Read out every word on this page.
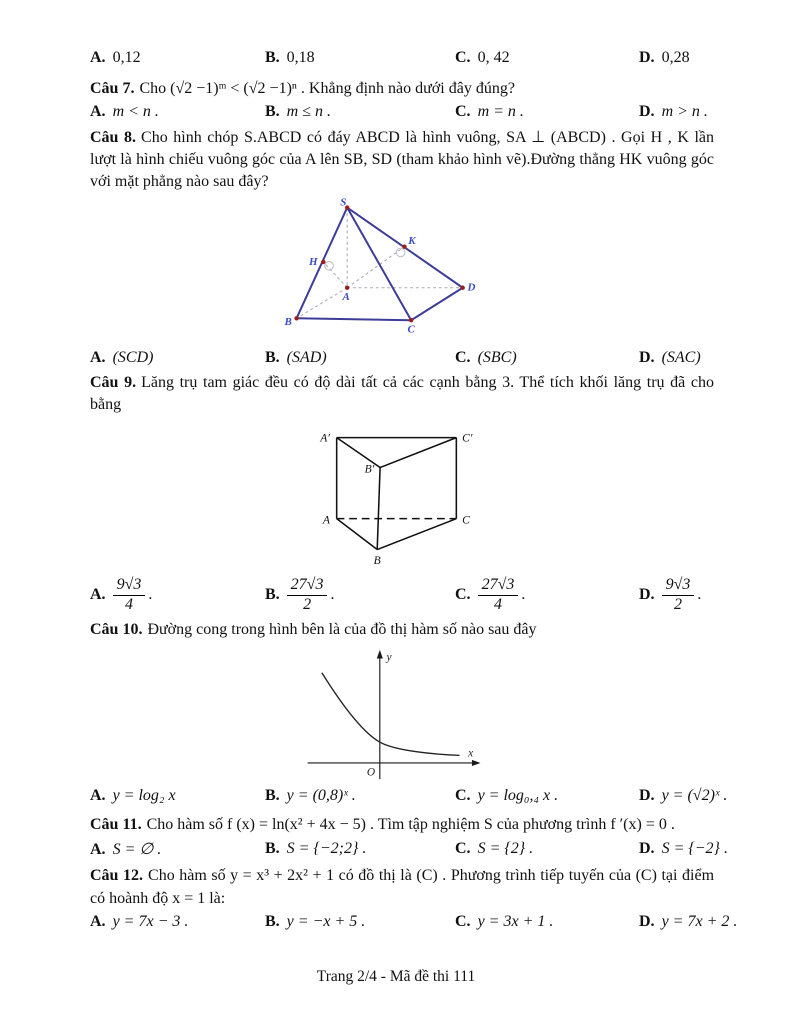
A. 0,12	B. 0,18	C. 0, 42	D. 0,28

Câu 7. Cho (√2 −1)ᵐ < (√2 −1)ⁿ . Khẳng định nào dưới đây đúng?

A. m < n .	B. m ≤ n .	C. m = n .	D. m > n .

Câu 8. Cho hình chóp S.ABCD có đáy ABCD là hình vuông, SA ⊥ (ABCD) . Gọi H , K lần lượt là hình chiếu vuông góc của A lên SB, SD (tham khảo hình vẽ).Đường thẳng HK vuông góc với mặt phẳng nào sau đây?

S
H
K
A
B
C
D
A. (SCD)	B. (SAD)	C. (SBC)	D. (SAC)

Câu 9. Lăng trụ tam giác đều có độ dài tất cả các cạnh bằng 3. Thể tích khối lăng trụ đã cho bằng

A′	C′
B′
A	C
B
A. $\frac{9√3}{4}$ .	B. $\frac{27√3}{2}$ .	C. $\frac{27√3}{4}$ .	D. $\frac{9√3}{2}$ .

Câu 10. Đường cong trong hình bên là của đồ thị hàm số nào sau đây

y
x
O
A. y = log₂ x	B. y = (0,8)ˣ .	C. y = log₀,₄ x .	D. y = (√2)ˣ .

Câu 11. Cho hàm số f (x) = ln(x² + 4x − 5) . Tìm tập nghiệm S của phương trình f ′(x) = 0 .

A. S = ∅ .	B. S = {−2;2} .	C. S = {2} .	D. S = {−2} .

Câu 12. Cho hàm số y = x³ + 2x² + 1 có đồ thị là (C) . Phương trình tiếp tuyến của (C) tại điểm có hoành độ x = 1 là:

A. y = 7x − 3 .	B. y = −x + 5 .	C. y = 3x + 1 .	D. y = 7x + 2 .
Trang 2/4 - Mã đề thi 111
